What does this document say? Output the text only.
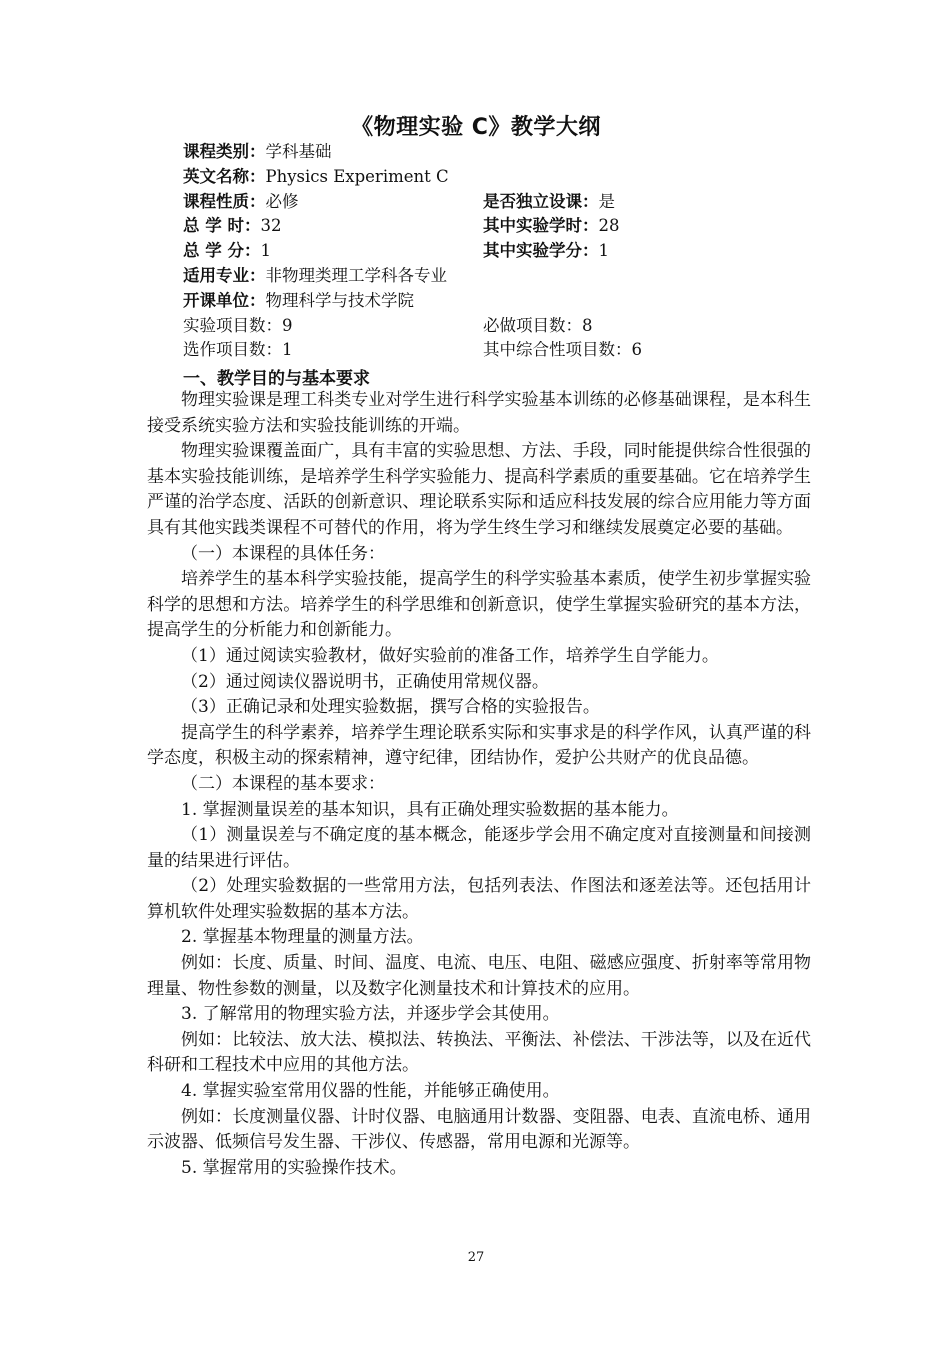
《物理实验 C》教学大纲
课程类别：学科基础
英文名称：Physics Experiment C
课程性质：必修	是否独立设课：是
总 学 时：32	其中实验学时：28
总 学 分：1	其中实验学分：1
适用专业：非物理类理工学科各专业
开课单位：物理科学与技术学院
实验项目数：9	必做项目数：8
选作项目数：1	其中综合性项目数：6
一、教学目的与基本要求

物理实验课是理工科类专业对学生进行科学实验基本训练的必修基础课程，是本科生接受系统实验方法和实验技能训练的开端。

物理实验课覆盖面广，具有丰富的实验思想、方法、手段，同时能提供综合性很强的基本实验技能训练，是培养学生科学实验能力、提高科学素质的重要基础。它在培养学生严谨的治学态度、活跃的创新意识、理论联系实际和适应科技发展的综合应用能力等方面具有其他实践类课程不可替代的作用，将为学生终生学习和继续发展奠定必要的基础。

（一）本课程的具体任务：

培养学生的基本科学实验技能，提高学生的科学实验基本素质，使学生初步掌握实验科学的思想和方法。培养学生的科学思维和创新意识，使学生掌握实验研究的基本方法，提高学生的分析能力和创新能力。

（1）通过阅读实验教材，做好实验前的准备工作，培养学生自学能力。

（2）通过阅读仪器说明书，正确使用常规仪器。

（3）正确记录和处理实验数据，撰写合格的实验报告。

提高学生的科学素养，培养学生理论联系实际和实事求是的科学作风，认真严谨的科学态度，积极主动的探索精神，遵守纪律，团结协作，爱护公共财产的优良品德。

（二）本课程的基本要求：

1. 掌握测量误差的基本知识，具有正确处理实验数据的基本能力。

（1）测量误差与不确定度的基本概念，能逐步学会用不确定度对直接测量和间接测量的结果进行评估。

（2）处理实验数据的一些常用方法，包括列表法、作图法和逐差法等。还包括用计算机软件处理实验数据的基本方法。

2. 掌握基本物理量的测量方法。

例如：长度、质量、时间、温度、电流、电压、电阻、磁感应强度、折射率等常用物理量、物性参数的测量，以及数字化测量技术和计算技术的应用。

3. 了解常用的物理实验方法，并逐步学会其使用。

例如：比较法、放大法、模拟法、转换法、平衡法、补偿法、干涉法等，以及在近代科研和工程技术中应用的其他方法。

4. 掌握实验室常用仪器的性能，并能够正确使用。

例如：长度测量仪器、计时仪器、电脑通用计数器、变阻器、电表、直流电桥、通用示波器、低频信号发生器、干涉仪、传感器，常用电源和光源等。

5. 掌握常用的实验操作技术。

27
